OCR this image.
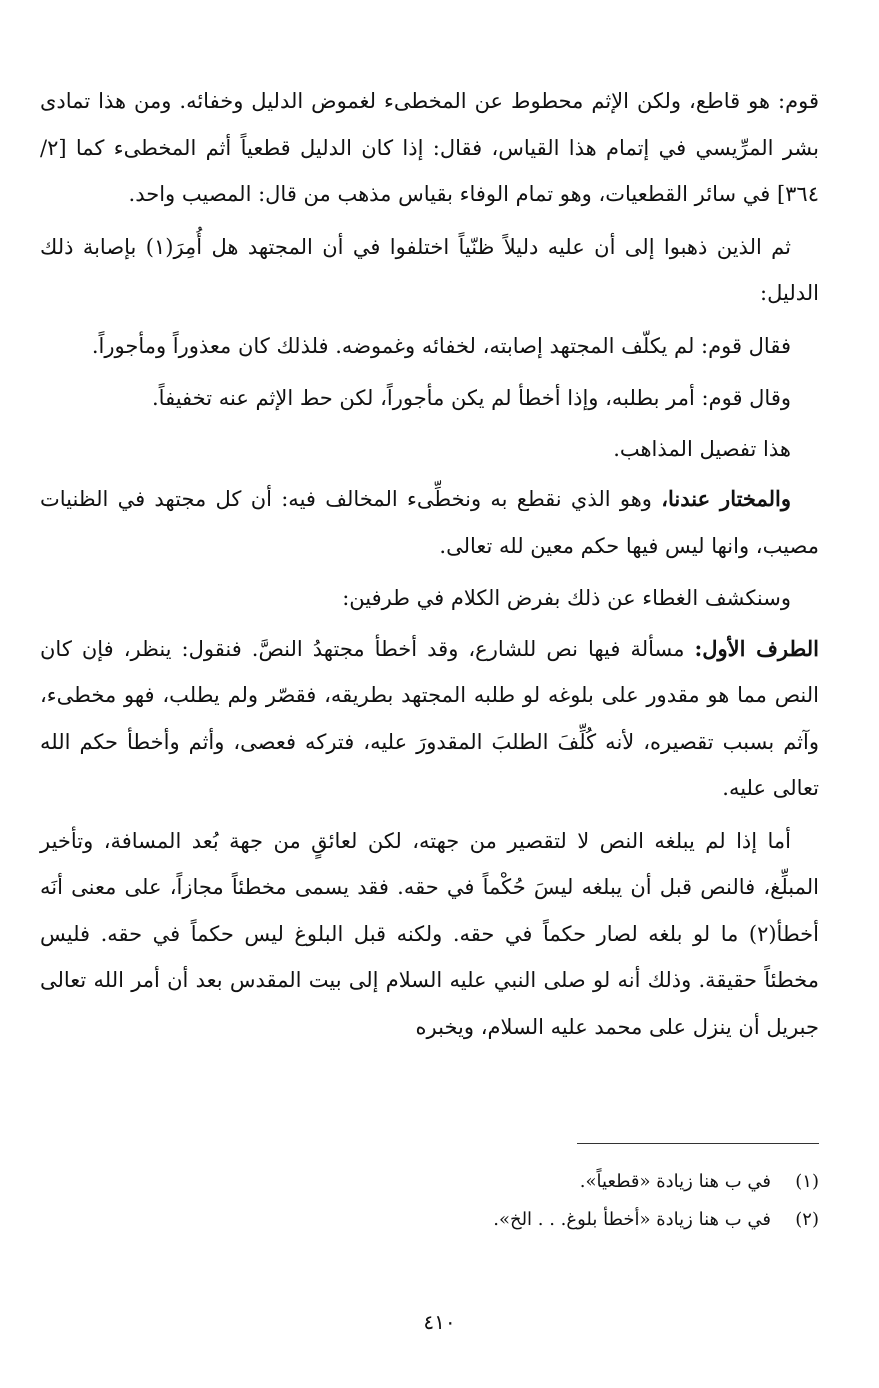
قوم: هو قاطع، ولكن الإثم محطوط عن المخطىء لغموض الدليل وخفائه. ومن هذا تمادى بشر المرِّيسي في إتمام هذا القياس، فقال: إذا كان الدليل قطعياً أثم المخطىء كما [٢/ ٣٦٤] في سائر القطعيات، وهو تمام الوفاء بقياس مذهب من قال: المصيب واحد.

ثم الذين ذهبوا إلى أن عليه دليلاً ظنّياً اختلفوا في أن المجتهد هل أُمِرَ(١) بإصابة ذلك الدليل:

فقال قوم: لم يكلّف المجتهد إصابته، لخفائه وغموضه. فلذلك كان معذوراً ومأجوراً.

وقال قوم: أمر بطلبه، وإذا أخطأ لم يكن مأجوراً، لكن حط الإثم عنه تخفيفاً.

هذا تفصيل المذاهب.

والمختار عندنا، وهو الذي نقطع به ونخطِّىء المخالف فيه: أن كل مجتهد في الظنيات مصيب، وانها ليس فيها حكم معين لله تعالى.

وسنكشف الغطاء عن ذلك بفرض الكلام في طرفين:

الطرف الأول: مسألة فيها نص للشارع، وقد أخطأ مجتهدُ النصَّ. فنقول: ينظر، فإن كان النص مما هو مقدور على بلوغه لو طلبه المجتهد بطريقه، فقصّر ولم يطلب، فهو مخطىء، وآثم بسبب تقصيره، لأنه كُلِّفَ الطلبَ المقدورَ عليه، فتركه فعصى، وأثم وأخطأ حكم الله تعالى عليه.

أما إذا لم يبلغه النص لا لتقصير من جهته، لكن لعائقٍ من جهة بُعد المسافة، وتأخير المبلِّغ، فالنص قبل أن يبلغه ليسَ حُكْماً في حقه. فقد يسمى مخطئاً مجازاً، على معنى أنَه أخطأ(٢) ما لو بلغه لصار حكماً في حقه. ولكنه قبل البلوغ ليس حكماً في حقه. فليس مخطئاً حقيقة. وذلك أنه لو صلى النبي عليه السلام إلى بيت المقدس بعد أن أمر الله تعالى جبريل أن ينزل على محمد عليه السلام، ويخبره

(١)في ب هنا زيادة «قطعياً».
(٢)في ب هنا زيادة «أخطأ بلوغ. . . الخ».
٤١٠
